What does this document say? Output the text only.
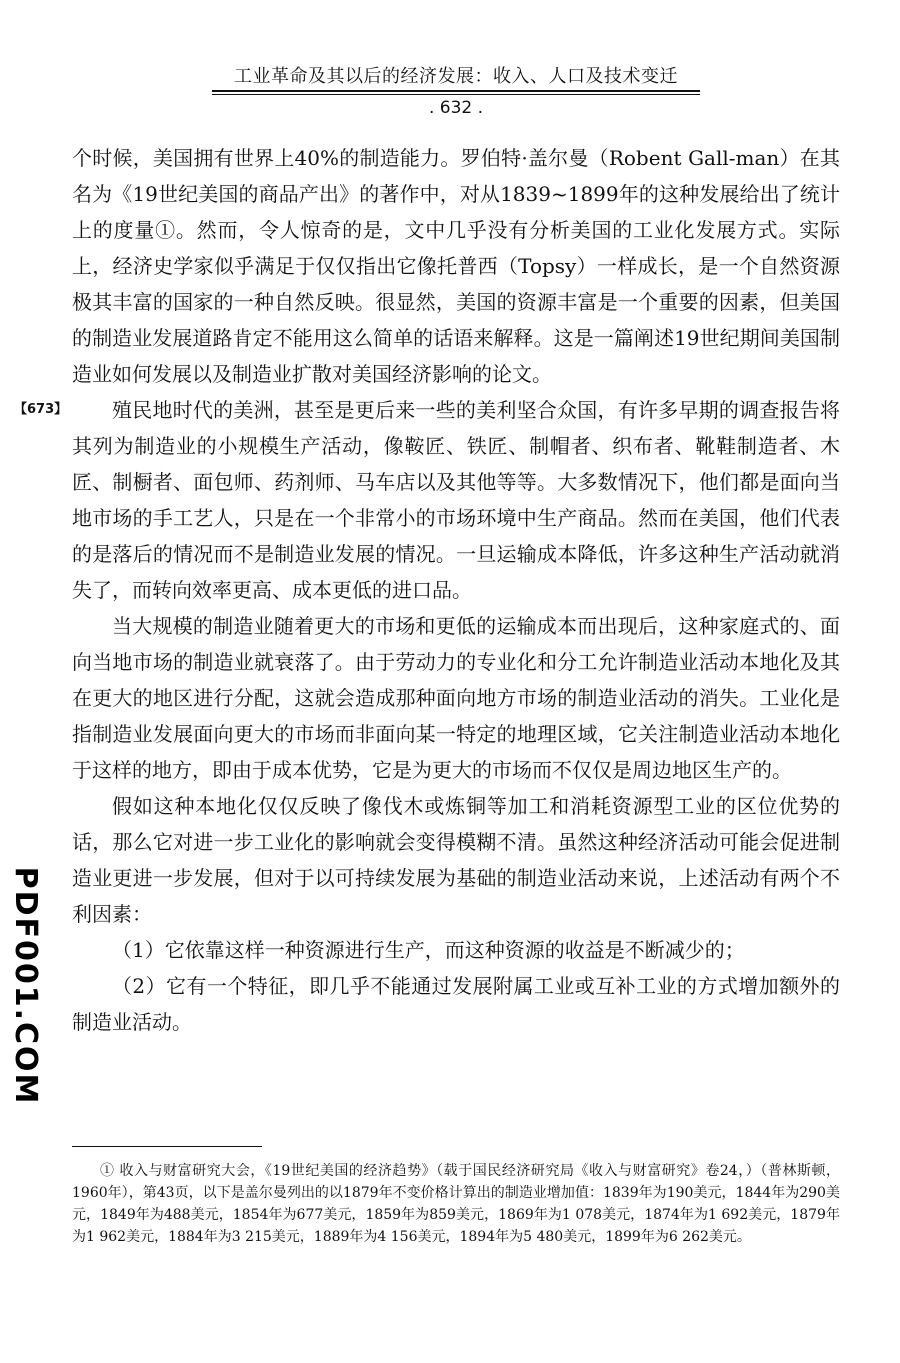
工业革命及其以后的经济发展：收入、人口及技术变迁
. 632 .
【673】

个时候，美国拥有世界上40%的制造能力。罗伯特·盖尔曼（Robent Gall-man）在其名为《19世纪美国的商品产出》的著作中，对从1839~1899年的这种发展给出了统计上的度量①。然而，令人惊奇的是，文中几乎没有分析美国的工业化发展方式。实际上，经济史学家似乎满足于仅仅指出它像托普西（Topsy）一样成长，是一个自然资源极其丰富的国家的一种自然反映。很显然，美国的资源丰富是一个重要的因素，但美国的制造业发展道路肯定不能用这么简单的话语来解释。这是一篇阐述19世纪期间美国制造业如何发展以及制造业扩散对美国经济影响的论文。

殖民地时代的美洲，甚至是更后来一些的美利坚合众国，有许多早期的调查报告将其列为制造业的小规模生产活动，像鞍匠、铁匠、制帽者、织布者、靴鞋制造者、木匠、制橱者、面包师、药剂师、马车店以及其他等等。大多数情况下，他们都是面向当地市场的手工艺人，只是在一个非常小的市场环境中生产商品。然而在美国，他们代表的是落后的情况而不是制造业发展的情况。一旦运输成本降低，许多这种生产活动就消失了，而转向效率更高、成本更低的进口品。

当大规模的制造业随着更大的市场和更低的运输成本而出现后，这种家庭式的、面向当地市场的制造业就衰落了。由于劳动力的专业化和分工允许制造业活动本地化及其在更大的地区进行分配，这就会造成那种面向地方市场的制造业活动的消失。工业化是指制造业发展面向更大的市场而非面向某一特定的地理区域，它关注制造业活动本地化于这样的地方，即由于成本优势，它是为更大的市场而不仅仅是周边地区生产的。

假如这种本地化仅仅反映了像伐木或炼铜等加工和消耗资源型工业的区位优势的话，那么它对进一步工业化的影响就会变得模糊不清。虽然这种经济活动可能会促进制造业更进一步发展，但对于以可持续发展为基础的制造业活动来说，上述活动有两个不利因素：

（1）它依靠这样一种资源进行生产，而这种资源的收益是不断减少的；

（2）它有一个特征，即几乎不能通过发展附属工业或互补工业的方式增加额外的制造业活动。

PDF001.COM

① 收入与财富研究大会，《19世纪美国的经济趋势》（载于国民经济研究局《收入与财富研究》卷24，）（普林斯顿，1960年），第43页，以下是盖尔曼列出的以1879年不变价格计算出的制造业增加值：1839年为190美元，1844年为290美元，1849年为488美元，1854年为677美元，1859年为859美元，1869年为1 078美元，1874年为1 692美元，1879年为1 962美元，1884年为3 215美元，1889年为4 156美元，1894年为5 480美元，1899年为6 262美元。
